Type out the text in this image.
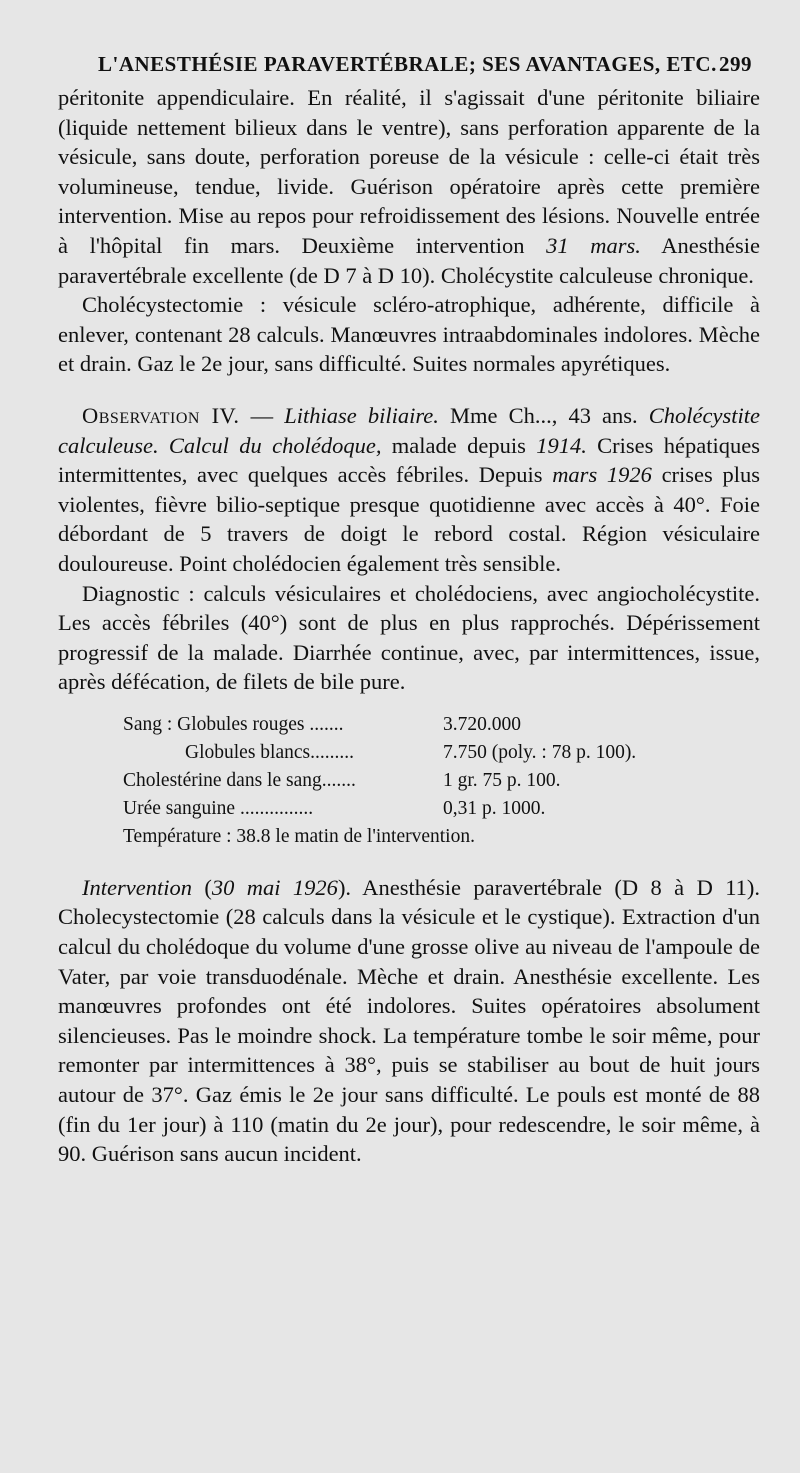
L'ANESTHÉSIE PARAVERTÉBRALE; SES AVANTAGES, ETC. 299

péritonite appendiculaire. En réalité, il s'agissait d'une péritonite biliaire (liquide nettement bilieux dans le ventre), sans perforation apparente de la vésicule, sans doute, perforation poreuse de la vésicule : celle-ci était très volumineuse, tendue, livide. Guérison opératoire après cette première intervention. Mise au repos pour refroidissement des lésions. Nouvelle entrée à l'hôpital fin mars. Deuxième intervention 31 mars. Anesthésie paravertébrale excellente (de D 7 à D 10). Cholécystite calculeuse chronique.

Cholécystectomie : vésicule scléro-atrophique, adhérente, difficile à enlever, contenant 28 calculs. Manœuvres intraabdominales indolores. Mèche et drain. Gaz le 2e jour, sans difficulté. Suites normales apyrétiques.

Observation IV. — Lithiase biliaire. Mme Ch..., 43 ans. Cholécystite calculeuse. Calcul du cholédoque, malade depuis 1914. Crises hépatiques intermittentes, avec quelques accès fébriles. Depuis mars 1926 crises plus violentes, fièvre bilio-septique presque quotidienne avec accès à 40°. Foie débordant de 5 travers de doigt le rebord costal. Région vésiculaire douloureuse. Point cholédocien également très sensible.

Diagnostic : calculs vésiculaires et cholédociens, avec angiocholécystite. Les accès fébriles (40°) sont de plus en plus rapprochés. Dépérissement progressif de la malade. Diarrhée continue, avec, par intermittences, issue, après défécation, de filets de bile pure.

Sang : Globules rouges .......	3.720.000
Globules blancs.........	7.750 (poly. : 78 p. 100).
Cholestérine dans le sang.......	1 gr. 75 p. 100.
Urée sanguine ...............	0,31 p. 1000.
Température : 38.8 le matin de l'intervention.

Intervention (30 mai 1926). Anesthésie paravertébrale (D 8 à D 11). Cholecystectomie (28 calculs dans la vésicule et le cystique). Extraction d'un calcul du cholédoque du volume d'une grosse olive au niveau de l'ampoule de Vater, par voie transduodénale. Mèche et drain. Anesthésie excellente. Les manœuvres profondes ont été indolores. Suites opératoires absolument silencieuses. Pas le moindre shock. La température tombe le soir même, pour remonter par intermittences à 38°, puis se stabiliser au bout de huit jours autour de 37°. Gaz émis le 2e jour sans difficulté. Le pouls est monté de 88 (fin du 1er jour) à 110 (matin du 2e jour), pour redescendre, le soir même, à 90. Guérison sans aucun incident.
